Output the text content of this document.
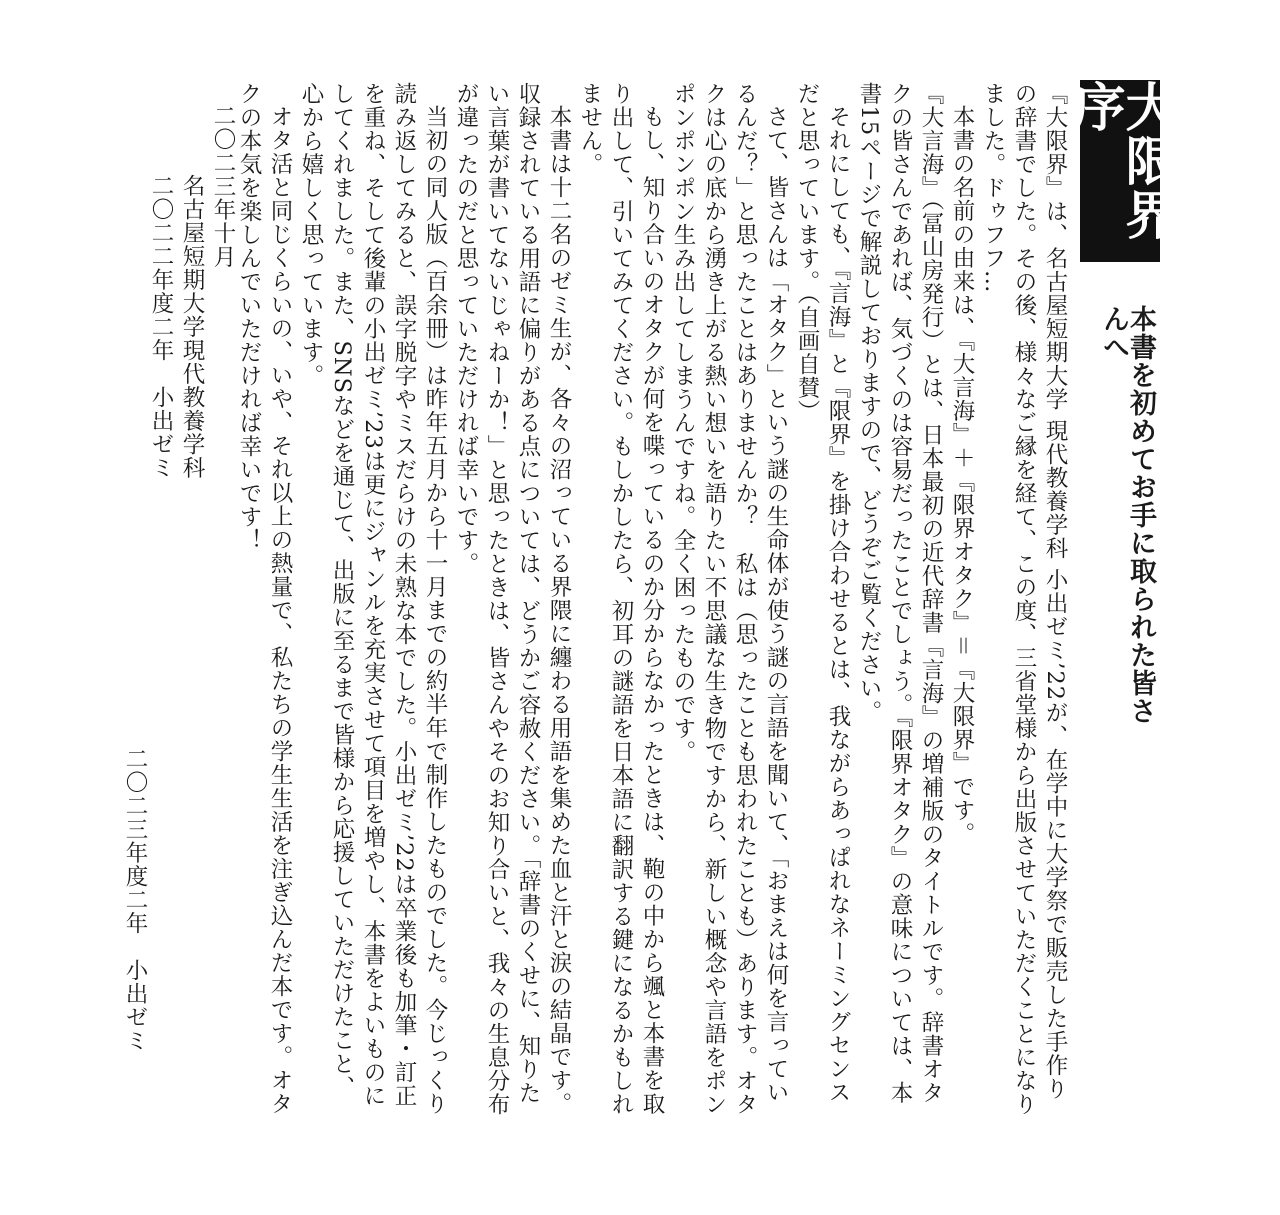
大限界序
本書を初めてお手に取られた皆さんへ

『大限界』は、名古屋短期大学 現代教養学科 小出ゼミ’22が、在学中に大学祭で販売した手作りの辞書でした。その後、様々なご縁を経て、この度、三省堂様から出版させていただくことになりました。ドゥフフ…

本書の名前の由来は、『大言海』＋『限界オタク』＝『大限界』です。

『大言海』（冨山房発行）とは、日本最初の近代辞書『言海』の増補版のタイトルです。辞書オタクの皆さんであれば、気づくのは容易だったことでしょう。『限界オタク』の意味については、本書15ページで解説しておりますので、どうぞご覧ください。

それにしても、『言海』と『限界』を掛け合わせるとは、我ながらあっぱれなネーミングセンスだと思っています。（自画自賛）

さて、皆さんは「オタク」という謎の生命体が使う謎の言語を聞いて、「おまえは何を言っているんだ？」と思ったことはありませんか？　私は（思ったことも思われたことも）あります。オタクは心の底から湧き上がる熱い想いを語りたい不思議な生き物ですから、新しい概念や言語をポンポンポンポン生み出してしまうんですね。全く困ったものです。

もし、知り合いのオタクが何を喋っているのか分からなかったときは、鞄の中から颯と本書を取り出して、引いてみてください。もしかしたら、初耳の謎語を日本語に翻訳する鍵になるかもしれません。

本書は十二名のゼミ生が、各々の沼っている界隈に纏わる用語を集めた血と汗と涙の結晶です。収録されている用語に偏りがある点については、どうかご容赦ください。「辞書のくせに、知りたい言葉が書いてないじゃねーか！」と思ったときは、皆さんやそのお知り合いと、我々の生息分布が違ったのだと思っていただければ幸いです。

当初の同人版（百余冊）は昨年五月から十一月までの約半年で制作したものでした。今じっくり読み返してみると、誤字脱字やミスだらけの未熟な本でした。小出ゼミ’22は卒業後も加筆・訂正を重ね、そして後輩の小出ゼミ’23は更にジャンルを充実させて項目を増やし、本書をよいものにしてくれました。また、SNSなどを通じて、出版に至るまで皆様から応援していただけたこと、心から嬉しく思っています。

オタ活と同じくらいの、いや、それ以上の熱量で、私たちの学生生活を注ぎ込んだ本です。オタクの本気を楽しんでいただければ幸いです！

二〇二三年十月

名古屋短期大学現代教養学科

二〇二二年度二年　小出ゼミ

二〇二三年度二年　小出ゼミ
